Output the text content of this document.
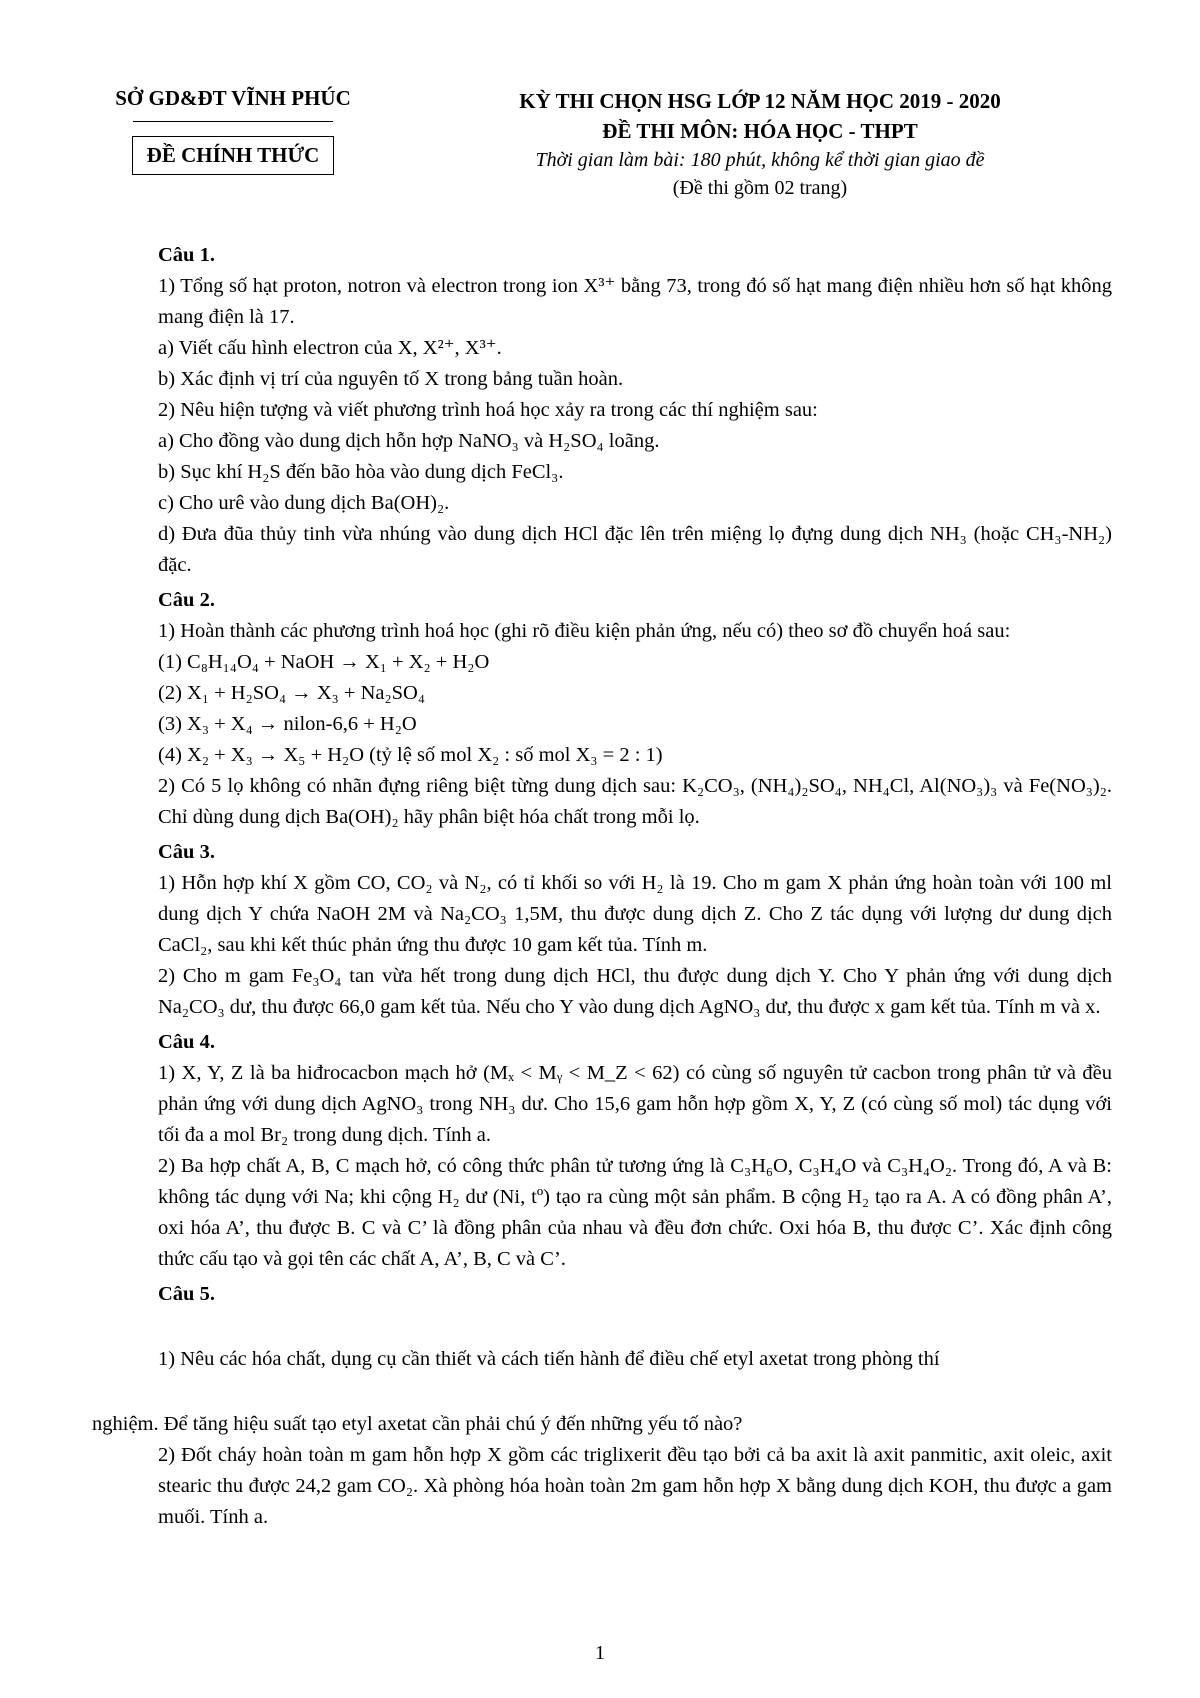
SỞ GD&ĐT VĨNH PHÚC
ĐỀ CHÍNH THỨC
KỲ THI CHỌN HSG LỚP 12 NĂM HỌC 2019 - 2020
ĐỀ THI MÔN: HÓA HỌC - THPT
Thời gian làm bài: 180 phút, không kể thời gian giao đề
(Đề thi gồm 02 trang)

Câu 1.

1) Tổng số hạt proton, notron và electron trong ion X³⁺ bằng 73, trong đó số hạt mang điện nhiều hơn số hạt không mang điện là 17.

a) Viết cấu hình electron của X, X²⁺, X³⁺.

b) Xác định vị trí của nguyên tố X trong bảng tuần hoàn.

2) Nêu hiện tượng và viết phương trình hoá học xảy ra trong các thí nghiệm sau:

a) Cho đồng vào dung dịch hỗn hợp NaNO₃ và H₂SO₄ loãng.

b) Sục khí H₂S đến bão hòa vào dung dịch FeCl₃.

c) Cho urê vào dung dịch Ba(OH)₂.

d) Đưa đũa thủy tinh vừa nhúng vào dung dịch HCl đặc lên trên miệng lọ đựng dung dịch NH₃ (hoặc CH₃-NH₂) đặc.

Câu 2.

1) Hoàn thành các phương trình hoá học (ghi rõ điều kiện phản ứng, nếu có) theo sơ đồ chuyển hoá sau:

(1) C₈H₁₄O₄ + NaOH → X₁ + X₂ + H₂O

(2) X₁ + H₂SO₄ → X₃ + Na₂SO₄

(3) X₃ + X₄ → nilon-6,6 + H₂O

(4) X₂ + X₃ → X₅ + H₂O (tỷ lệ số mol X₂ : số mol X₃ = 2 : 1)

2) Có 5 lọ không có nhãn đựng riêng biệt từng dung dịch sau: K₂CO₃, (NH₄)₂SO₄, NH₄Cl, Al(NO₃)₃ và Fe(NO₃)₂. Chỉ dùng dung dịch Ba(OH)₂ hãy phân biệt hóa chất trong mỗi lọ.

Câu 3.

1) Hỗn hợp khí X gồm CO, CO₂ và N₂, có tỉ khối so với H₂ là 19. Cho m gam X phản ứng hoàn toàn với 100 ml dung dịch Y chứa NaOH 2M và Na₂CO₃ 1,5M, thu được dung dịch Z. Cho Z tác dụng với lượng dư dung dịch CaCl₂, sau khi kết thúc phản ứng thu được 10 gam kết tủa. Tính m.

2) Cho m gam Fe₃O₄ tan vừa hết trong dung dịch HCl, thu được dung dịch Y. Cho Y phản ứng với dung dịch Na₂CO₃ dư, thu được 66,0 gam kết tủa. Nếu cho Y vào dung dịch AgNO₃ dư, thu được x gam kết tủa. Tính m và x.

Câu 4.

1) X, Y, Z là ba hiđrocacbon mạch hở (Mₓ < Mᵧ < M_Z < 62) có cùng số nguyên tử cacbon trong phân tử và đều phản ứng với dung dịch AgNO₃ trong NH₃ dư. Cho 15,6 gam hỗn hợp gồm X, Y, Z (có cùng số mol) tác dụng với tối đa a mol Br₂ trong dung dịch. Tính a.

2) Ba hợp chất A, B, C mạch hở, có công thức phân tử tương ứng là C₃H₆O, C₃H₄O và C₃H₄O₂. Trong đó, A và B: không tác dụng với Na; khi cộng H₂ dư (Ni, tº) tạo ra cùng một sản phẩm. B cộng H₂ tạo ra A. A có đồng phân A’, oxi hóa A’, thu được B. C và C’ là đồng phân của nhau và đều đơn chức. Oxi hóa B, thu được C’. Xác định công thức cấu tạo và gọi tên các chất A, A’, B, C và C’.

Câu 5.

1) Nêu các hóa chất, dụng cụ cần thiết và cách tiến hành để điều chế etyl axetat trong phòng thí

nghiệm. Để tăng hiệu suất tạo etyl axetat cần phải chú ý đến những yếu tố nào?

2) Đốt cháy hoàn toàn m gam hỗn hợp X gồm các triglixerit đều tạo bởi cả ba axit là axit panmitic, axit oleic, axit stearic thu được 24,2 gam CO₂. Xà phòng hóa hoàn toàn 2m gam hỗn hợp X bằng dung dịch KOH, thu được a gam muối. Tính a.

1
